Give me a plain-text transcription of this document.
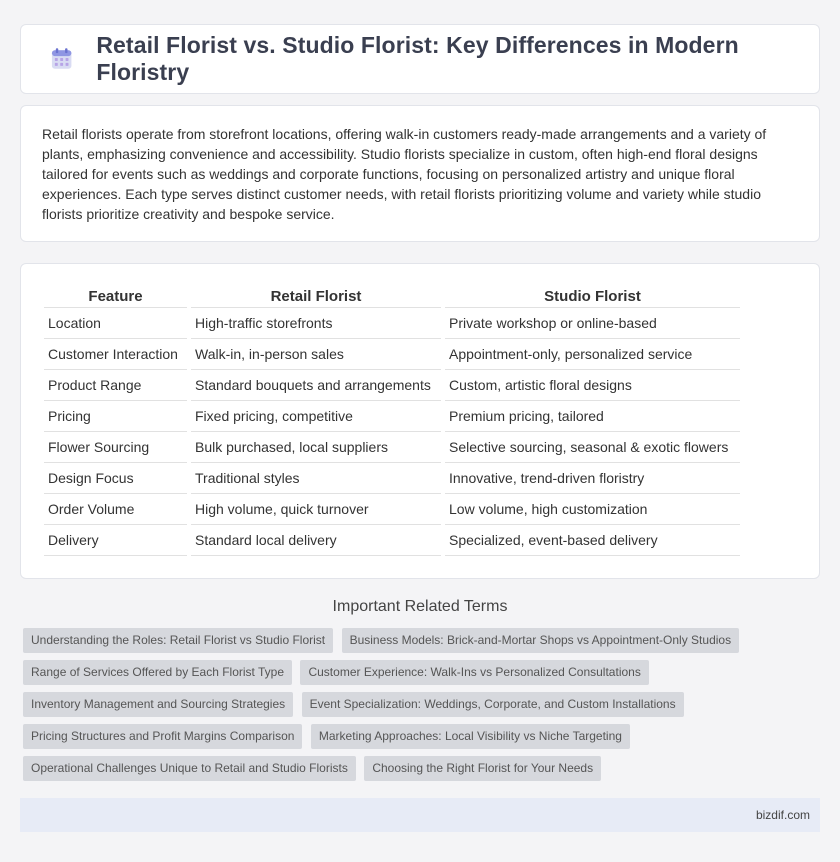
Retail Florist vs. Studio Florist: Key Differences in Modern Floristry

Retail florists operate from storefront locations, offering walk-in customers ready-made arrangements and a variety of plants, emphasizing convenience and accessibility. Studio florists specialize in custom, often high-end floral designs tailored for events such as weddings and corporate functions, focusing on personalized artistry and unique floral experiences. Each type serves distinct customer needs, with retail florists prioritizing volume and variety while studio florists prioritize creativity and bespoke service.

Feature	Retail Florist	Studio Florist
Location	High-traffic storefronts	Private workshop or online-based
Customer Interaction	Walk-in, in-person sales	Appointment-only, personalized service
Product Range	Standard bouquets and arrangements	Custom, artistic floral designs
Pricing	Fixed pricing, competitive	Premium pricing, tailored
Flower Sourcing	Bulk purchased, local suppliers	Selective sourcing, seasonal & exotic flowers
Design Focus	Traditional styles	Innovative, trend-driven floristry
Order Volume	High volume, quick turnover	Low volume, high customization
Delivery	Standard local delivery	Specialized, event-based delivery
Important Related Terms
Understanding the Roles: Retail Florist vs Studio Florist Business Models: Brick-and-Mortar Shops vs Appointment-Only Studios Range of Services Offered by Each Florist Type Customer Experience: Walk-Ins vs Personalized Consultations Inventory Management and Sourcing Strategies Event Specialization: Weddings, Corporate, and Custom Installations Pricing Structures and Profit Margins Comparison Marketing Approaches: Local Visibility vs Niche Targeting Operational Challenges Unique to Retail and Studio Florists Choosing the Right Florist for Your Needs
bizdif.com
